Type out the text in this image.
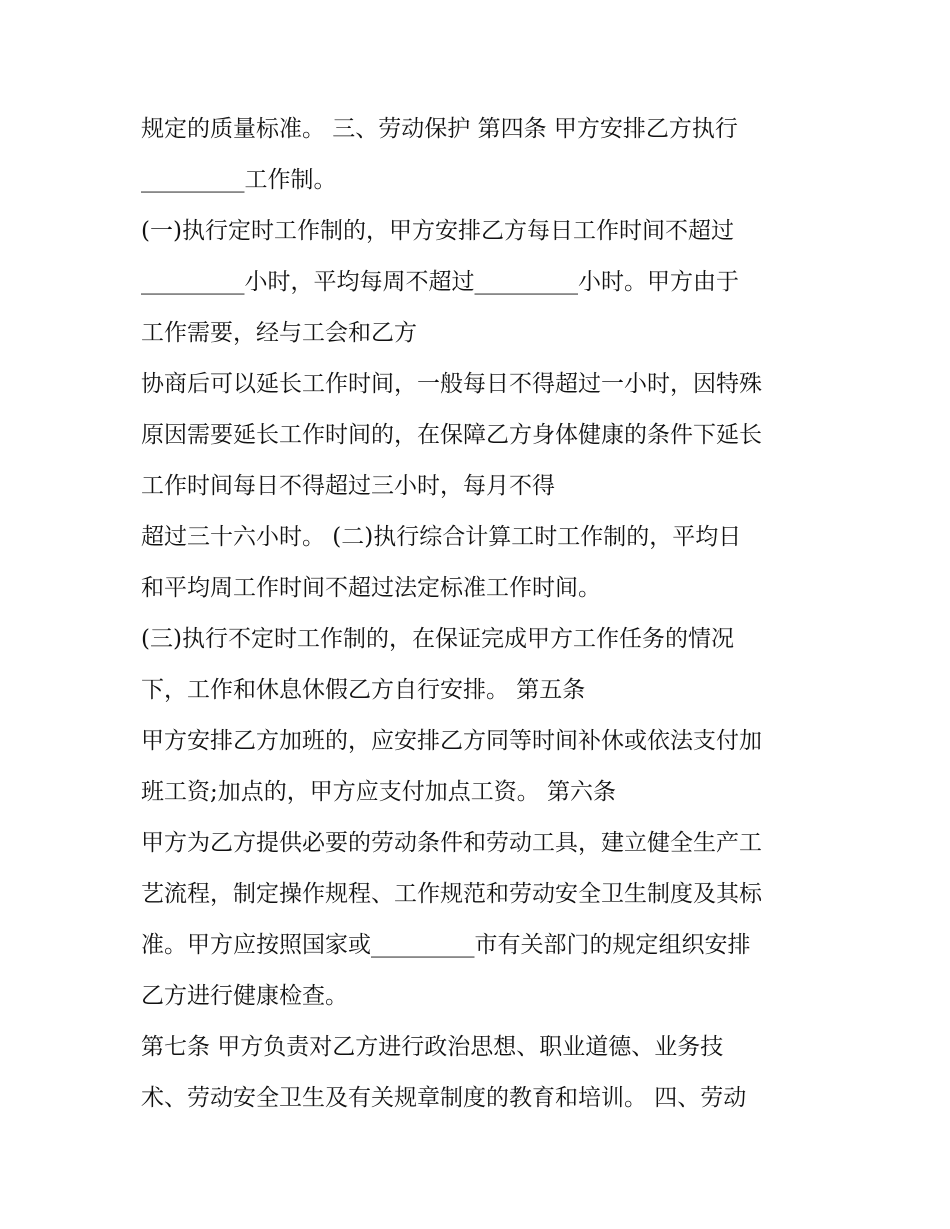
规定的质量标准。 三、劳动保护 第四条 甲方安排乙方执行
_________工作制。
(一)执行定时工作制的，甲方安排乙方每日工作时间不超过
_________小时，平均每周不超过_________小时。甲方由于
工作需要，经与工会和乙方
协商后可以延长工作时间，一般每日不得超过一小时，因特殊
原因需要延长工作时间的，在保障乙方身体健康的条件下延长
工作时间每日不得超过三小时，每月不得
超过三十六小时。 (二)执行综合计算工时工作制的，平均日
和平均周工作时间不超过法定标准工作时间。
(三)执行不定时工作制的，在保证完成甲方工作任务的情况
下，工作和休息休假乙方自行安排。 第五条
甲方安排乙方加班的，应安排乙方同等时间补休或依法支付加
班工资;加点的，甲方应支付加点工资。 第六条
甲方为乙方提供必要的劳动条件和劳动工具，建立健全生产工
艺流程，制定操作规程、工作规范和劳动安全卫生制度及其标
准。甲方应按照国家或_________市有关部门的规定组织安排
乙方进行健康检查。
第七条 甲方负责对乙方进行政治思想、职业道德、业务技
术、劳动安全卫生及有关规章制度的教育和培训。 四、劳动
